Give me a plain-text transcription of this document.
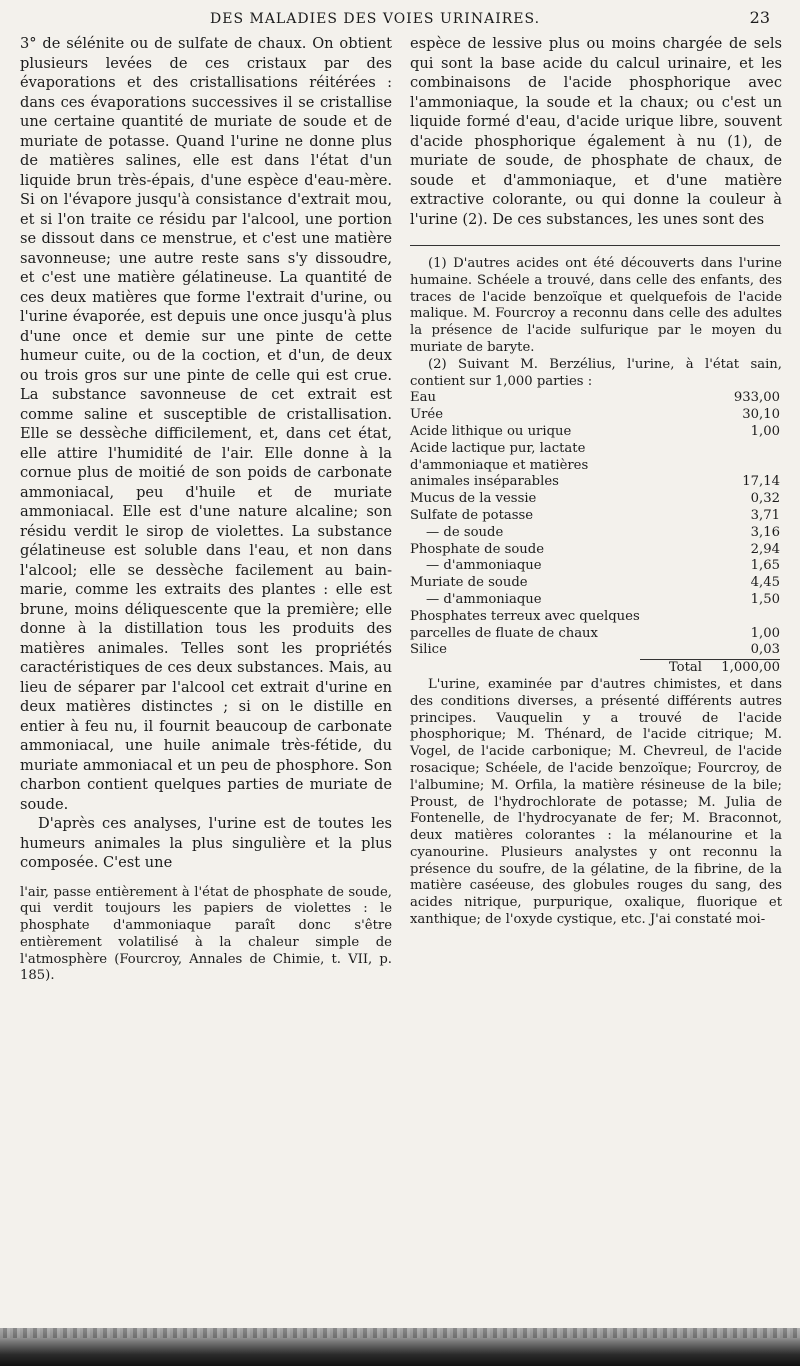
DES MALADIES DES VOIES URINAIRES.	23

3° de sélénite ou de sulfate de chaux. On obtient plusieurs levées de ces cristaux par des évaporations et des cristallisations réitérées : dans ces évaporations successives il se cristallise une certaine quantité de muriate de soude et de muriate de potasse. Quand l'urine ne donne plus de matières salines, elle est dans l'état d'un liquide brun très-épais, d'une espèce d'eau-mère. Si on l'évapore jusqu'à consistance d'extrait mou, et si l'on traite ce résidu par l'alcool, une portion se dissout dans ce menstrue, et c'est une matière savonneuse; une autre reste sans s'y dissoudre, et c'est une matière gélatineuse. La quantité de ces deux matières que forme l'extrait d'urine, ou l'urine évaporée, est depuis une once jusqu'à plus d'une once et demie sur une pinte de cette humeur cuite, ou de la coction, et d'un, de deux ou trois gros sur une pinte de celle qui est crue. La substance savonneuse de cet extrait est comme saline et susceptible de cristallisation. Elle se dessèche difficilement, et, dans cet état, elle attire l'humidité de l'air. Elle donne à la cornue plus de moitié de son poids de carbonate ammoniacal, peu d'huile et de muriate ammoniacal. Elle est d'une nature alcaline; son résidu verdit le sirop de violettes. La substance gélatineuse est soluble dans l'eau, et non dans l'alcool; elle se dessèche facilement au bain-marie, comme les extraits des plantes : elle est brune, moins déliquescente que la première; elle donne à la distillation tous les produits des matières animales. Telles sont les propriétés caractéristiques de ces deux substances. Mais, au lieu de séparer par l'alcool cet extrait d'urine en deux matières distinctes ; si on le distille en entier à feu nu, il fournit beaucoup de carbonate ammoniacal, une huile animale très-fétide, du muriate ammoniacal et un peu de phosphore. Son charbon contient quelques parties de muriate de soude.

D'après ces analyses, l'urine est de toutes les humeurs animales la plus singulière et la plus composée. C'est une

l'air, passe entièrement à l'état de phosphate de soude, qui verdit toujours les papiers de violettes : le phosphate d'ammoniaque paraît donc s'être entièrement volatilisé à la chaleur simple de l'atmosphère (Fourcroy, Annales de Chimie, t. VII, p. 185).

espèce de lessive plus ou moins chargée de sels qui sont la base acide du calcul urinaire, et les combinaisons de l'acide phosphorique avec l'ammoniaque, la soude et la chaux; ou c'est un liquide formé d'eau, d'acide urique libre, souvent d'acide phosphorique également à nu (1), de muriate de soude, de phosphate de chaux, de soude et d'ammoniaque, et d'une matière extractive colorante, ou qui donne la couleur à l'urine (2). De ces substances, les unes sont des

(1) D'autres acides ont été découverts dans l'urine humaine. Schéele a trouvé, dans celle des enfants, des traces de l'acide benzoïque et quelquefois de l'acide malique. M. Fourcroy a reconnu dans celle des adultes la présence de l'acide sulfurique par le moyen du muriate de baryte.

(2) Suivant M. Berzélius, l'urine, à l'état sain, contient sur 1,000 parties :

Eau	933,00
Urée	30,10
Acide lithique ou urique	1,00
Acide lactique pur, lactate d'ammoniaque et matières animales inséparables	17,14
Mucus de la vessie	0,32
Sulfate de potasse	3,71
— de soude	3,16
Phosphate de soude	2,94
— d'ammoniaque	1,65
Muriate de soude	4,45
— d'ammoniaque	1,50
Phosphates terreux avec quelques parcelles de fluate de chaux	1,00
Silice	0,03
Total	1,000,00

L'urine, examinée par d'autres chimistes, et dans des conditions diverses, a présenté différents autres principes. Vauquelin y a trouvé de l'acide phosphorique; M. Thénard, de l'acide citrique; M. Vogel, de l'acide carbonique; M. Chevreul, de l'acide rosacique; Schéele, de l'acide benzoïque; Fourcroy, de l'albumine; M. Orfila, la matière résineuse de la bile; Proust, de l'hydrochlorate de potasse; M. Julia de Fontenelle, de l'hydrocyanate de fer; M. Braconnot, deux matières colorantes : la mélanourine et la cyanourine. Plusieurs analystes y ont reconnu la présence du soufre, de la gélatine, de la fibrine, de la matière caséeuse, des globules rouges du sang, des acides nitrique, purpurique, oxalique, fluorique et xanthique; de l'oxyde cystique, etc. J'ai constaté moi-
